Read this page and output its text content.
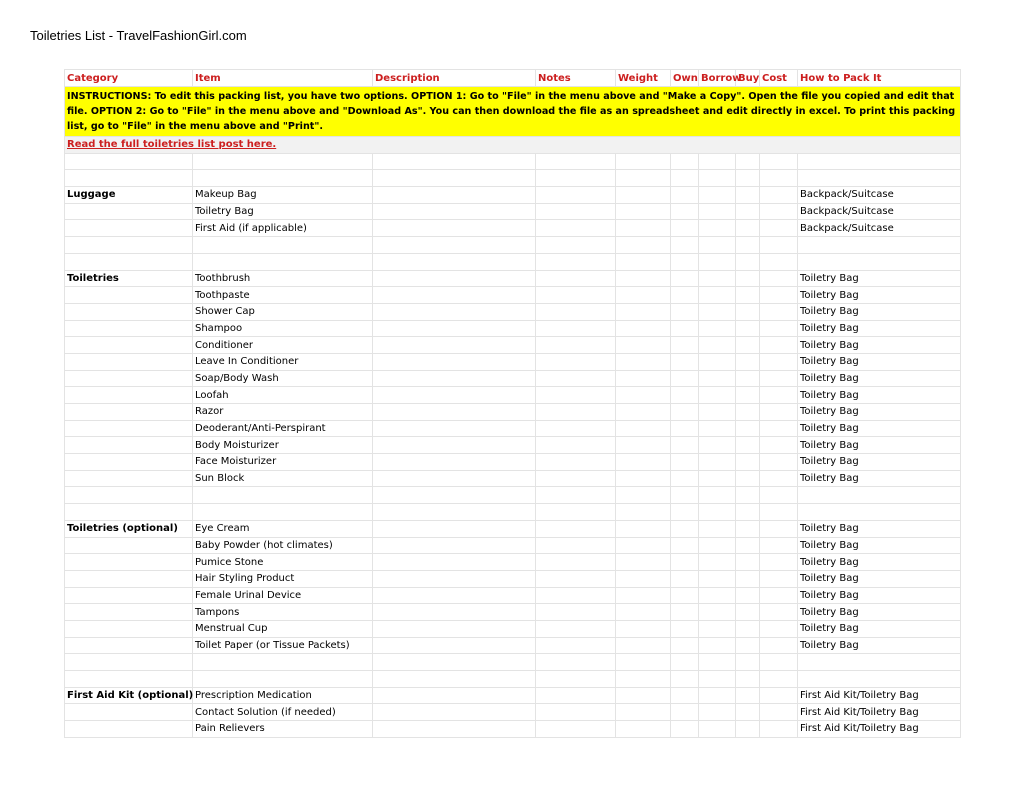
Toiletries List - TravelFashionGirl.com
Category	Item	Description	Notes	Weight	Own	Borrow	Buy	Cost	How to Pack It
INSTRUCTIONS: To edit this packing list, you have two options. OPTION 1: Go to "File" in the menu above and "Make a Copy". Open the file you copied and edit that file. OPTION 2: Go to "File" in the menu above and "Download As". You can then download the file as an spreadsheet and edit directly in excel. To print this packing list, go to "File" in the menu above and "Print".									
Read the full toiletries list post here.									

Luggage	Makeup Bag								Backpack/Suitcase
	Toiletry Bag								Backpack/Suitcase
	First Aid (if applicable)								Backpack/Suitcase

Toiletries	Toothbrush								Toiletry Bag
	Toothpaste								Toiletry Bag
	Shower Cap								Toiletry Bag
	Shampoo								Toiletry Bag
	Conditioner								Toiletry Bag
	Leave In Conditioner								Toiletry Bag
	Soap/Body Wash								Toiletry Bag
	Loofah								Toiletry Bag
	Razor								Toiletry Bag
	Deoderant/Anti-Perspirant								Toiletry Bag
	Body Moisturizer								Toiletry Bag
	Face Moisturizer								Toiletry Bag
	Sun Block								Toiletry Bag

Toiletries (optional)	Eye Cream								Toiletry Bag
	Baby Powder (hot climates)								Toiletry Bag
	Pumice Stone								Toiletry Bag
	Hair Styling Product								Toiletry Bag
	Female Urinal Device								Toiletry Bag
	Tampons								Toiletry Bag
	Menstrual Cup								Toiletry Bag
	Toilet Paper (or Tissue Packets)								Toiletry Bag

First Aid Kit (optional)	Prescription Medication								First Aid Kit/Toiletry Bag
	Contact Solution (if needed)								First Aid Kit/Toiletry Bag
	Pain Relievers								First Aid Kit/Toiletry Bag
